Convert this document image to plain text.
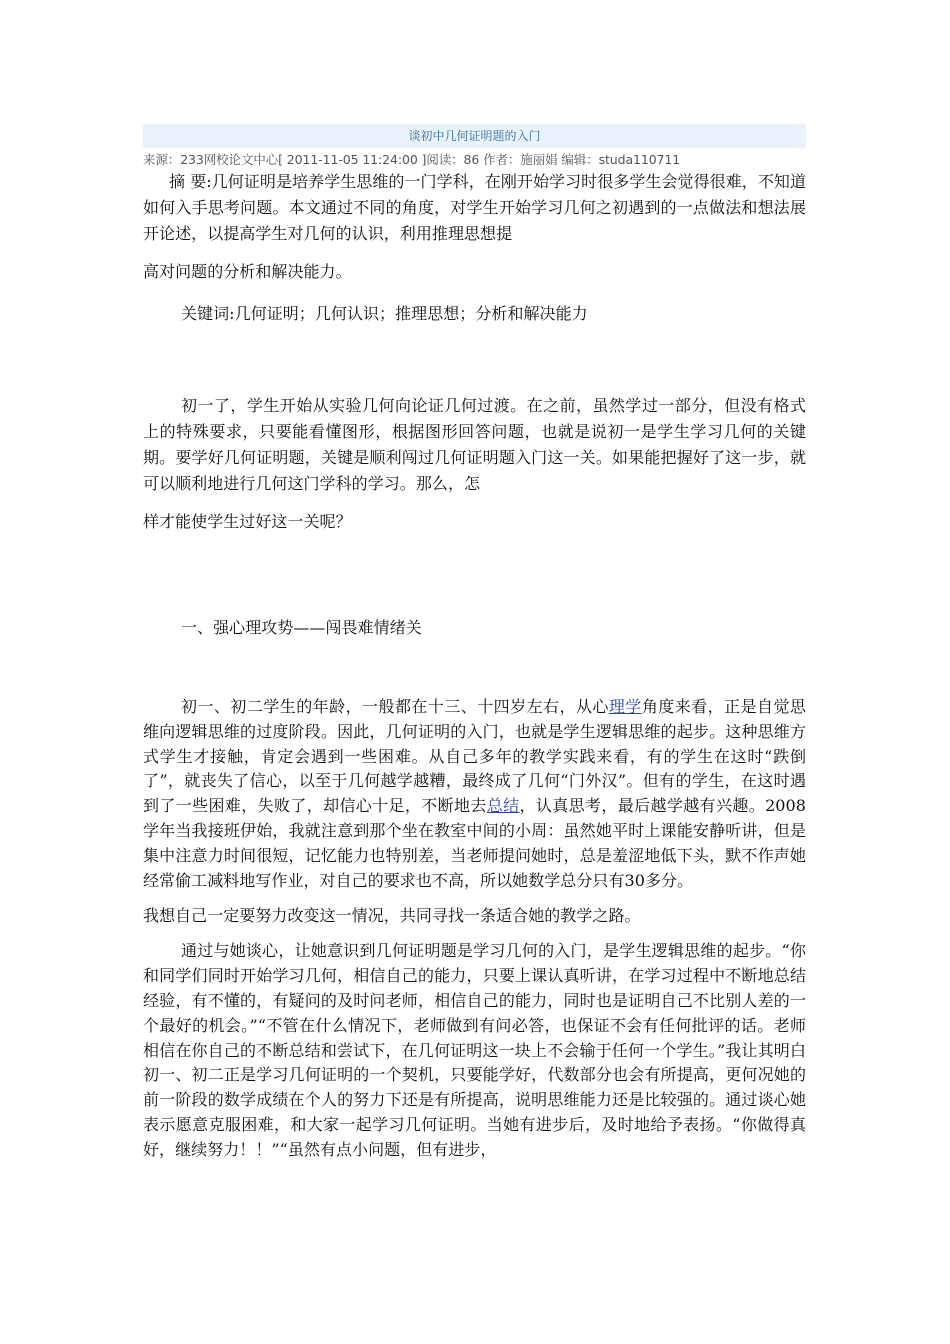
谈初中几何证明题的入门
来源：233网校论文中心[ 2011-11-05 11:24:00 ]阅读：86 作者：施丽娟 编辑：studa110711

摘 要:几何证明是培养学生思维的一门学科，在刚开始学习时很多学生会觉得很难，不知道如何入手思考问题。本文通过不同的角度，对学生开始学习几何之初遇到的一点做法和想法展开论述，以提高学生对几何的认识，利用推理思想提
高对问题的分析和解决能力。

关键词:几何证明；几何认识；推理思想；分析和解决能力

初一了，学生开始从实验几何向论证几何过渡。在之前，虽然学过一部分，但没有格式上的特殊要求，只要能看懂图形，根据图形回答问题，也就是说初一是学生学习几何的关键期。要学好几何证明题，关键是顺利闯过几何证明题入门这一关。如果能把握好了这一步，就可以顺利地进行几何这门学科的学习。那么，怎
样才能使学生过好这一关呢？

一、强心理攻势——闯畏难情绪关

初一、初二学生的年龄，一般都在十三、十四岁左右，从心理学角度来看，正是自觉思维向逻辑思维的过度阶段。因此，几何证明的入门，也就是学生逻辑思维的起步。这种思维方式学生才接触，肯定会遇到一些困难。从自己多年的教学实践来看，有的学生在这时“跌倒了”，就丧失了信心，以至于几何越学越糟，最终成了几何“门外汉”。但有的学生，在这时遇到了一些困难，失败了，却信心十足，不断地去总结，认真思考，最后越学越有兴趣。2008学年当我接班伊始，我就注意到那个坐在教室中间的小周：虽然她平时上课能安静听讲，但是集中注意力时间很短，记忆能力也特别差，当老师提问她时，总是羞涩地低下头，默不作声她经常偷工减料地写作业，对自己的要求也不高，所以她数学总分只有30多分。

我想自己一定要努力改变这一情况，共同寻找一条适合她的教学之路。

通过与她谈心，让她意识到几何证明题是学习几何的入门，是学生逻辑思维的起步。“你和同学们同时开始学习几何，相信自己的能力，只要上课认真听讲，在学习过程中不断地总结经验，有不懂的，有疑问的及时问老师，相信自己的能力，同时也是证明自己不比别人差的一个最好的机会。”“不管在什么情况下，老师做到有问必答，也保证不会有任何批评的话。老师相信在你自己的不断总结和尝试下，在几何证明这一块上不会输于任何一个学生。”我让其明白初一、初二正是学习几何证明的一个契机，只要能学好，代数部分也会有所提高，更何况她的前一阶段的数学成绩在个人的努力下还是有所提高，说明思维能力还是比较强的。通过谈心她表示愿意克服困难，和大家一起学习几何证明。当她有进步后，及时地给予表扬。“你做得真好，继续努力！！”“虽然有点小问题，但有进步，
